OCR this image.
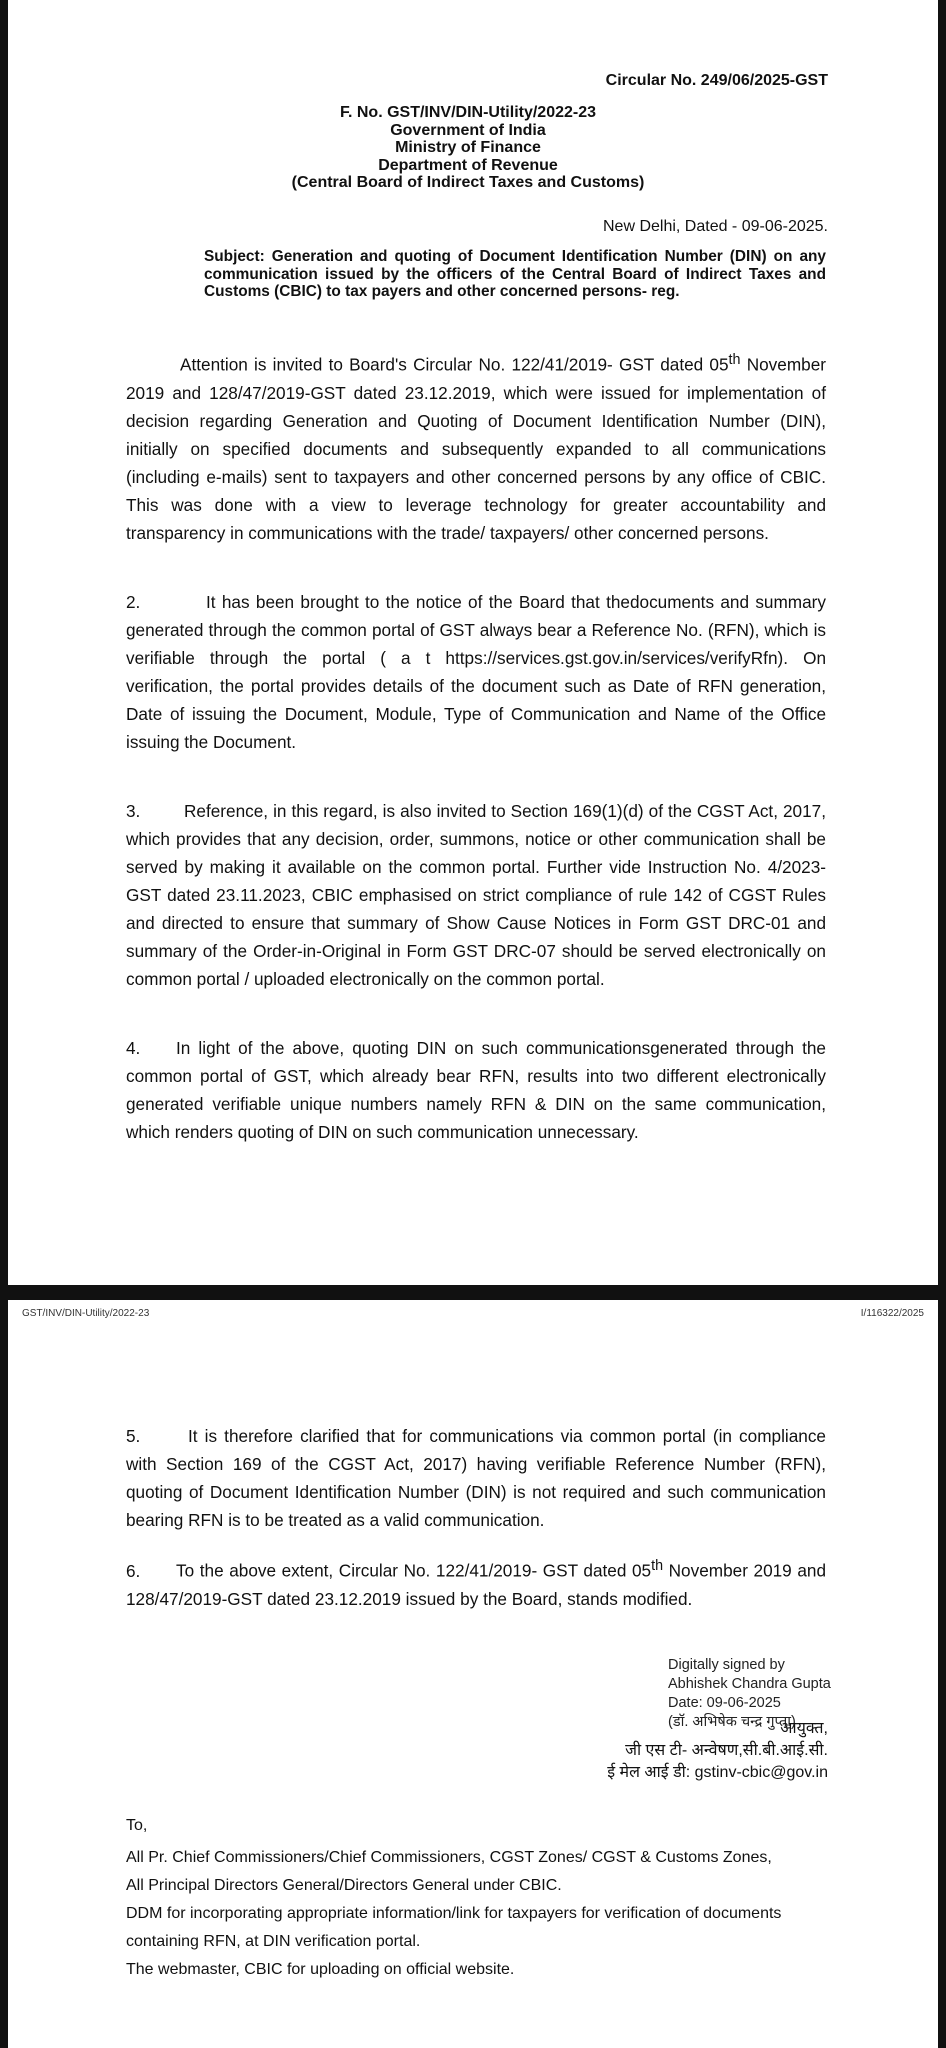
Circular No. 249/06/2025-GST
F. No. GST/INV/DIN-Utility/2022-23
Government of India
Ministry of Finance
Department of Revenue
(Central Board of Indirect Taxes and Customs)
New Delhi, Dated - 09-06-2025.
Subject: Generation and quoting of Document Identification Number (DIN) on any communication issued by the officers of the Central Board of Indirect Taxes and Customs (CBIC) to tax payers and other concerned persons- reg.
Attention is invited to Board's Circular No. 122/41/2019- GST dated 05th November 2019 and 128/47/2019-GST dated 23.12.2019, which were issued for implementation of decision regarding Generation and Quoting of Document Identification Number (DIN), initially on specified documents and subsequently expanded to all communications (including e-mails) sent to taxpayers and other concerned persons by any office of CBIC. This was done with a view to leverage technology for greater accountability and transparency in communications with the trade/ taxpayers/ other concerned persons.
2.	It has been brought to the notice of the Board that thedocuments and summary generated through the common portal of GST always bear a Reference No. (RFN), which is verifiable through the portal ( a t https://services.gst.gov.in/services/verifyRfn). On verification, the portal provides details of the document such as Date of RFN generation, Date of issuing the Document, Module, Type of Communication and Name of the Office issuing the Document.
3.	Reference, in this regard, is also invited to Section 169(1)(d) of the CGST Act, 2017, which provides that any decision, order, summons, notice or other communication shall be served by making it available on the common portal. Further vide Instruction No. 4/2023-GST dated 23.11.2023, CBIC emphasised on strict compliance of rule 142 of CGST Rules and directed to ensure that summary of Show Cause Notices in Form GST DRC-01 and summary of the Order-in-Original in Form GST DRC-07 should be served electronically on common portal / uploaded electronically on the common portal.
4. In light of the above, quoting DIN on such communicationsgenerated through the common portal of GST, which already bear RFN, results into two different electronically generated verifiable unique numbers namely RFN & DIN on the same communication, which renders quoting of DIN on such communication unnecessary.
GST/INV/DIN-Utility/2022-23	I/116322/2025
5.	It is therefore clarified that for communications via common portal (in compliance with Section 169 of the CGST Act, 2017) having verifiable Reference Number (RFN), quoting of Document Identification Number (DIN) is not required and such communication bearing RFN is to be treated as a valid communication.
6. To the above extent, Circular No. 122/41/2019- GST dated 05th November 2019 and 128/47/2019-GST dated 23.12.2019 issued by the Board, stands modified.
Digitally signed by
Abhishek Chandra Gupta
Date: 09-06-2025
(डॉ. अभिषेक चन्द्र गुप्ता)
आयुक्त,
जी एस टी- अन्वेषण,सी.बी.आई.सी.
ई मेल आई डी: gstinv-cbic@gov.in
To,
All Pr. Chief Commissioners/Chief Commissioners, CGST Zones/ CGST & Customs Zones,
All Principal Directors General/Directors General under CBIC.
DDM for incorporating appropriate information/link for taxpayers for verification of documents containing RFN, at DIN verification portal.
The webmaster, CBIC for uploading on official website.
